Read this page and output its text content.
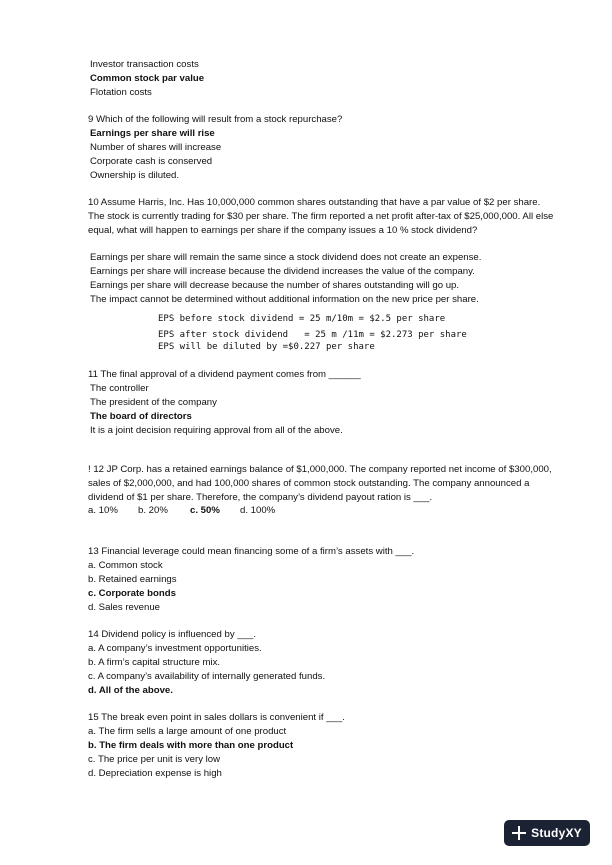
Investor transaction costs

Common stock par value

Flotation costs

9 Which of the following will result from a stock repurchase?

Earnings per share will rise

Number of shares will increase

Corporate cash is conserved

Ownership is diluted.

10 Assume Harris, Inc. Has 10,000,000 common shares outstanding that have a par value of $2 per share. The stock is currently trading for $30 per share. The firm reported a net profit after-tax of $25,000,000. All else equal, what will happen to earnings per share if the company issues a 10 % stock dividend?

Earnings per share will remain the same since a stock dividend does not create an expense.

Earnings per share will increase because the dividend increases the value of the company.

Earnings per share will decrease because the number of shares outstanding will go up.

The impact cannot be determined without additional information on the new price per share.

EPS before stock dividend = 25 m/10m = $2.5 per share

EPS after stock dividend   = 25 m /11m = $2.273 per share

EPS will be diluted by =$0.227 per share

11 The final approval of a dividend payment comes from ______

The controller

The president of the company

The board of directors

It is a joint decision requiring approval from all of the above.

! 12 JP Corp. has a retained earnings balance of $1,000,000. The company reported net income of $300,000, sales of $2,000,000, and had 100,000 shares of common stock outstanding. The company announced a dividend of $1 per share. Therefore, the company’s dividend payout ration is ___.

a. 10% b. 20% c. 50% d. 100%

13 Financial leverage could mean financing some of a firm’s assets with ___.

a. Common stock

b. Retained earnings

c. Corporate bonds

d. Sales revenue

14 Dividend policy is influenced by ___.

a. A company’s investment opportunities.

b. A firm’s capital structure mix.

c. A company’s availability of internally generated funds.

d. All of the above.

15 The break even point in sales dollars is convenient if ___.

a. The firm sells a large amount of one product

b. The firm deals with more than one product

c. The price per unit is very low

d. Depreciation expense is high

StudyXY
